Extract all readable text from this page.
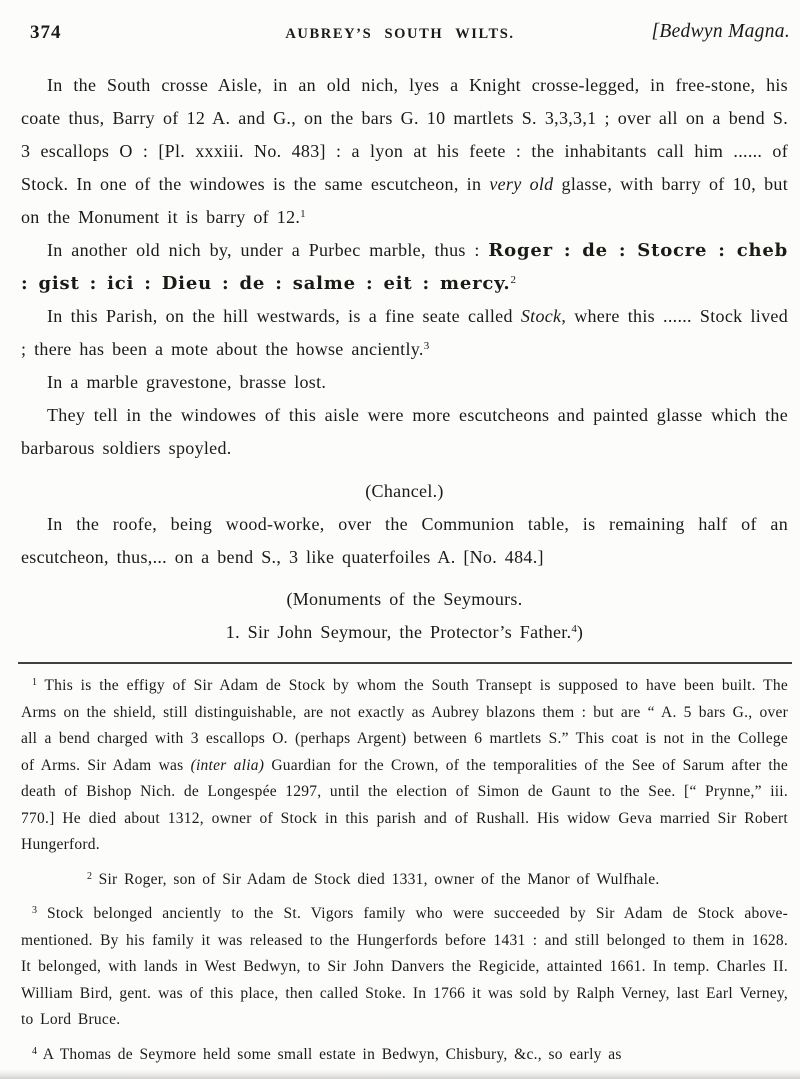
374	AUBREY’S SOUTH WILTS.	[Bedwyn Magna.

In the South crosse Aisle, in an old nich, lyes a Knight crosse-legged, in free-stone, his coate thus, Barry of 12 A. and G., on the bars G. 10 martlets S. 3,3,3,1 ; over all on a bend S. 3 escallops O : [Pl. xxxiii. No. 483] : a lyon at his feete : the inhabitants call him ...... of Stock. In one of the windowes is the same escutcheon, in very old glasse, with barry of 10, but on the Monument it is barry of 12.$^1$

In another old nich by, under a Purbec marble, thus : Roger : de : Stocre : cheb : gist : ici : Dieu : de : salme : eit : mercy.$^2$

In this Parish, on the hill westwards, is a fine seate called Stock, where this ...... Stock lived ; there has been a mote about the howse anciently.$^3$

In a marble gravestone, brasse lost.

They tell in the windowes of this aisle were more escutcheons and painted glasse which the barbarous soldiers spoyled.

(Chancel.)

In the roofe, being wood-worke, over the Communion table, is remaining half of an escutcheon, thus,... on a bend S., 3 like quaterfoiles A. [No. 484.]

(Monuments of the Seymours.

1. Sir John Seymour, the Protector’s Father.$^4$)

$^1$ This is the effigy of Sir Adam de Stock by whom the South Transept is supposed to have been built. The Arms on the shield, still distinguishable, are not exactly as Aubrey blazons them : but are “ A. 5 bars G., over all a bend charged with 3 escallops O. (perhaps Argent) between 6 martlets S.” This coat is not in the College of Arms. Sir Adam was (inter alia) Guardian for the Crown, of the temporalities of the See of Sarum after the death of Bishop Nich. de Longespée 1297, until the election of Simon de Gaunt to the See. [“ Prynne,” iii. 770.] He died about 1312, owner of Stock in this parish and of Rushall. His widow Geva married Sir Robert Hungerford.

$^2$ Sir Roger, son of Sir Adam de Stock died 1331, owner of the Manor of Wulfhale.

$^3$ Stock belonged anciently to the St. Vigors family who were succeeded by Sir Adam de Stock above-mentioned. By his family it was released to the Hungerfords before 1431 : and still belonged to them in 1628. It belonged, with lands in West Bedwyn, to Sir John Danvers the Regicide, attainted 1661. In temp. Charles II. William Bird, gent. was of this place, then called Stoke. In 1766 it was sold by Ralph Verney, last Earl Verney, to Lord Bruce.

$^4$ A Thomas de Seymore held some small estate in Bedwyn, Chisbury, &c., so early as
